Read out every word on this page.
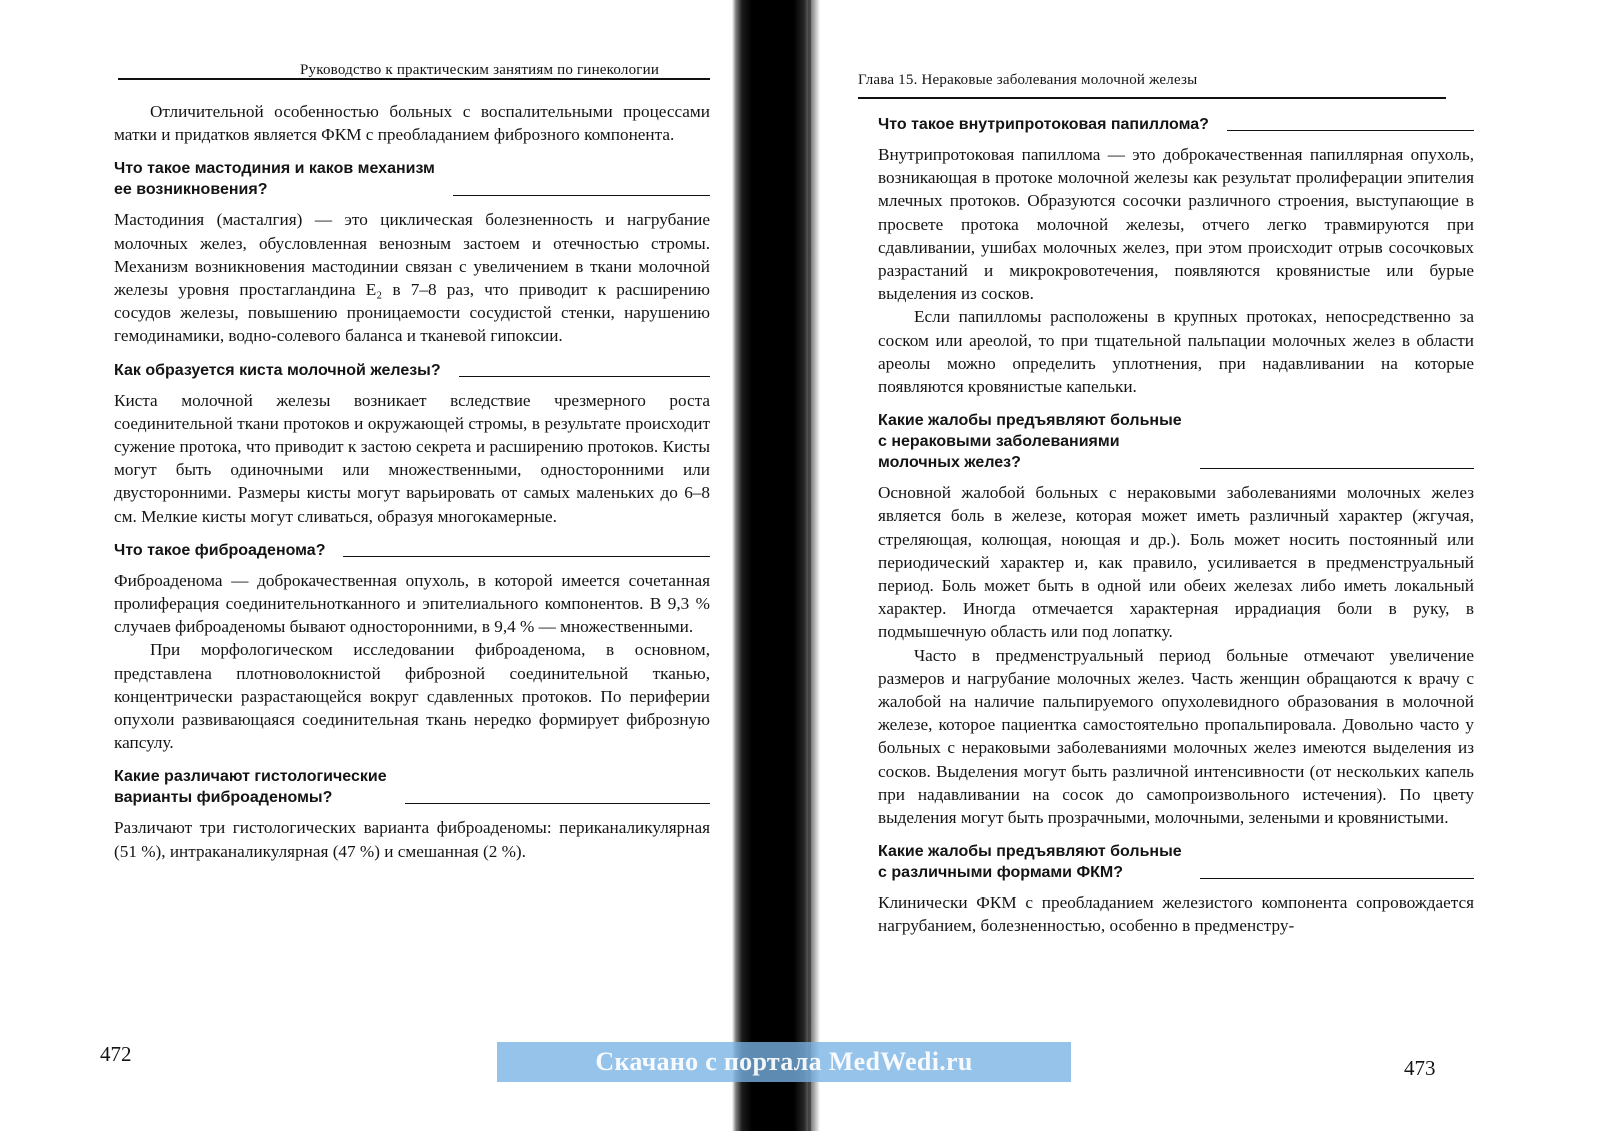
Руководство к практическим занятиям по гинекологии

Отличительной особенностью больных с воспалительными процессами матки и придатков является ФКМ с преобладанием фиброзного компонента.

Что такое мастодиния и каков механизм
ее возникновения?

Мастодиния (масталгия) — это циклическая болезненность и нагрубание молочных желез, обусловленная венозным застоем и отечностью стромы. Механизм возникновения мастодинии связан с увеличением в ткани молочной железы уровня простагландина E₂ в 7–8 раз, что приводит к расширению сосудов железы, повышению проницаемости сосудистой стенки, нарушению гемодинамики, водно-солевого баланса и тканевой гипоксии.

Как образуется киста молочной железы?

Киста молочной железы возникает вследствие чрезмерного роста соединительной ткани протоков и окружающей стромы, в результате происходит сужение протока, что приводит к застою секрета и расширению протоков. Кисты могут быть одиночными или множественными, односторонними или двусторонними. Размеры кисты могут варьировать от самых маленьких до 6–8 см. Мелкие кисты могут сливаться, образуя многокамерные.

Что такое фиброаденома?

Фиброаденома — доброкачественная опухоль, в которой имеется сочетанная пролиферация соединительнотканного и эпителиального компонентов. В 9,3 % случаев фиброаденомы бывают односторонними, в 9,4 % — множественными.

При морфологическом исследовании фиброаденома, в основном, представлена плотноволокнистой фиброзной соединительной тканью, концентрически разрастающейся вокруг сдавленных протоков. По периферии опухоли развивающаяся соединительная ткань нередко формирует фиброзную капсулу.

Какие различают гистологические
варианты фиброаденомы?

Различают три гистологических варианта фиброаденомы: периканаликулярная (51 %), интраканаликулярная (47 %) и смешанная (2 %).

472
Глава 15. Нераковые заболевания молочной железы
Что такое внутрипротоковая папиллома?

Внутрипротоковая папиллома — это доброкачественная папиллярная опухоль, возникающая в протоке молочной железы как результат пролиферации эпителия млечных протоков. Образуются сосочки различного строения, выступающие в просвете протока молочной железы, отчего легко травмируются при сдавливании, ушибах молочных желез, при этом происходит отрыв сосочковых разрастаний и микрокровотечения, появляются кровянистые или бурые выделения из сосков.

Если папилломы расположены в крупных протоках, непосредственно за соском или ареолой, то при тщательной пальпации молочных желез в области ареолы можно определить уплотнения, при надавливании на которые появляются кровянистые капельки.

Какие жалобы предъявляют больные
с нераковыми заболеваниями
молочных желез?

Основной жалобой больных с нераковыми заболеваниями молочных желез является боль в железе, которая может иметь различный характер (жгучая, стреляющая, колющая, ноющая и др.). Боль может носить постоянный или периодический характер и, как правило, усиливается в предменструальный период. Боль может быть в одной или обеих железах либо иметь локальный характер. Иногда отмечается характерная иррадиация боли в руку, в подмышечную область или под лопатку.

Часто в предменструальный период больные отмечают увеличение размеров и нагрубание молочных желез. Часть женщин обращаются к врачу с жалобой на наличие пальпируемого опухолевидного образования в молочной железе, которое пациентка самостоятельно пропальпировала. Довольно часто у больных с нераковыми заболеваниями молочных желез имеются выделения из сосков. Выделения могут быть различной интенсивности (от нескольких капель при надавливании на сосок до самопроизвольного истечения). По цвету выделения могут быть прозрачными, молочными, зелеными и кровянистыми.

Какие жалобы предъявляют больные
с различными формами ФКМ?

Клинически ФКМ с преобладанием железистого компонента сопровождается нагрубанием, болезненностью, особенно в предменстру-

473
Скачано с портала MedWedi.ru
